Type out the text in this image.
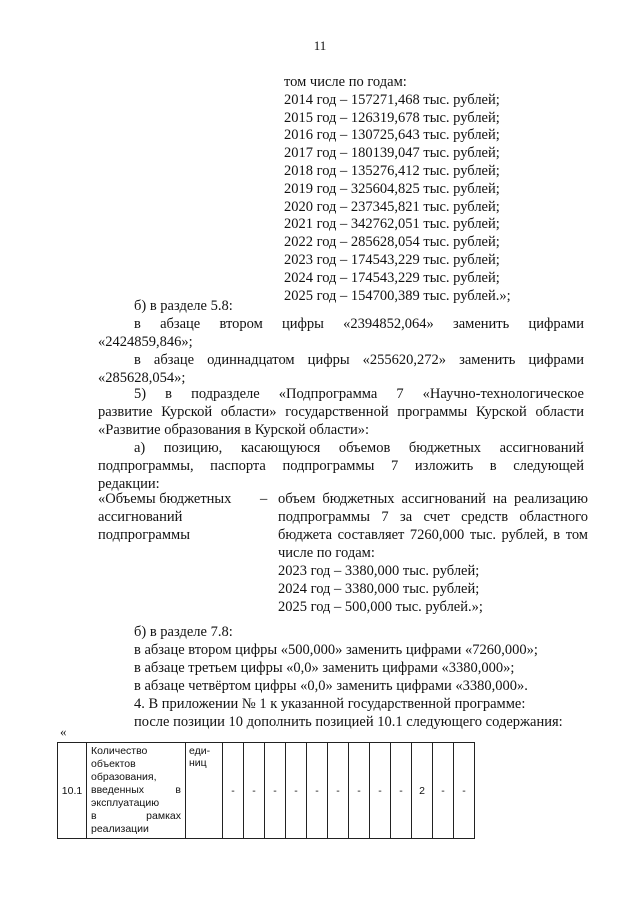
11
том числе по годам:
2014 год – 157271,468 тыс. рублей;
2015 год – 126319,678 тыс. рублей;
2016 год – 130725,643 тыс. рублей;
2017 год – 180139,047 тыс. рублей;
2018 год – 135276,412 тыс. рублей;
2019 год – 325604,825 тыс. рублей;
2020 год – 237345,821 тыс. рублей;
2021 год – 342762,051 тыс. рублей;
2022 год – 285628,054 тыс. рублей;
2023 год – 174543,229 тыс. рублей;
2024 год – 174543,229 тыс. рублей;
2025 год – 154700,389 тыс. рублей.»;
б) в разделе 5.8:
в абзаце втором цифры «2394852,064» заменить цифрами
«2424859,846»;
в абзаце одиннадцатом цифры «255620,272» заменить цифрами
«285628,054»;
5) в подразделе «Подпрограмма 7 «Научно-технологическое
развитие Курской области» государственной программы Курской области
«Развитие образования в Курской области»:
а) позицию, касающуюся объемов бюджетных ассигнований
подпрограммы, паспорта подпрограммы 7 изложить в следующей
редакции:
«Объемы бюджетных
ассигнований
подпрограммы
– объем бюджетных ассигнований на реализацию
подпрограммы 7 за счет средств областного
бюджета составляет 7260,000 тыс. рублей, в том
числе по годам:
2023 год – 3380,000 тыс. рублей;
2024 год – 3380,000 тыс. рублей;
2025 год – 500,000 тыс. рублей.»;
б) в разделе 7.8:
в абзаце втором цифры «500,000» заменить цифрами «7260,000»;
в абзаце третьем цифры «0,0» заменить цифрами «3380,000»;
в абзаце четвёртом цифры «0,0» заменить цифрами «3380,000».
4. В приложении № 1 к указанной государственной программе:
после позиции 10 дополнить позицией 10.1 следующего содержания:
«
10.1	Количество
объектов
образования,

введенных в
эксплуатацию

в рамках
реализации	еди-
ниц	-	-	-	-	-	-	-	-	-	2	-	-
